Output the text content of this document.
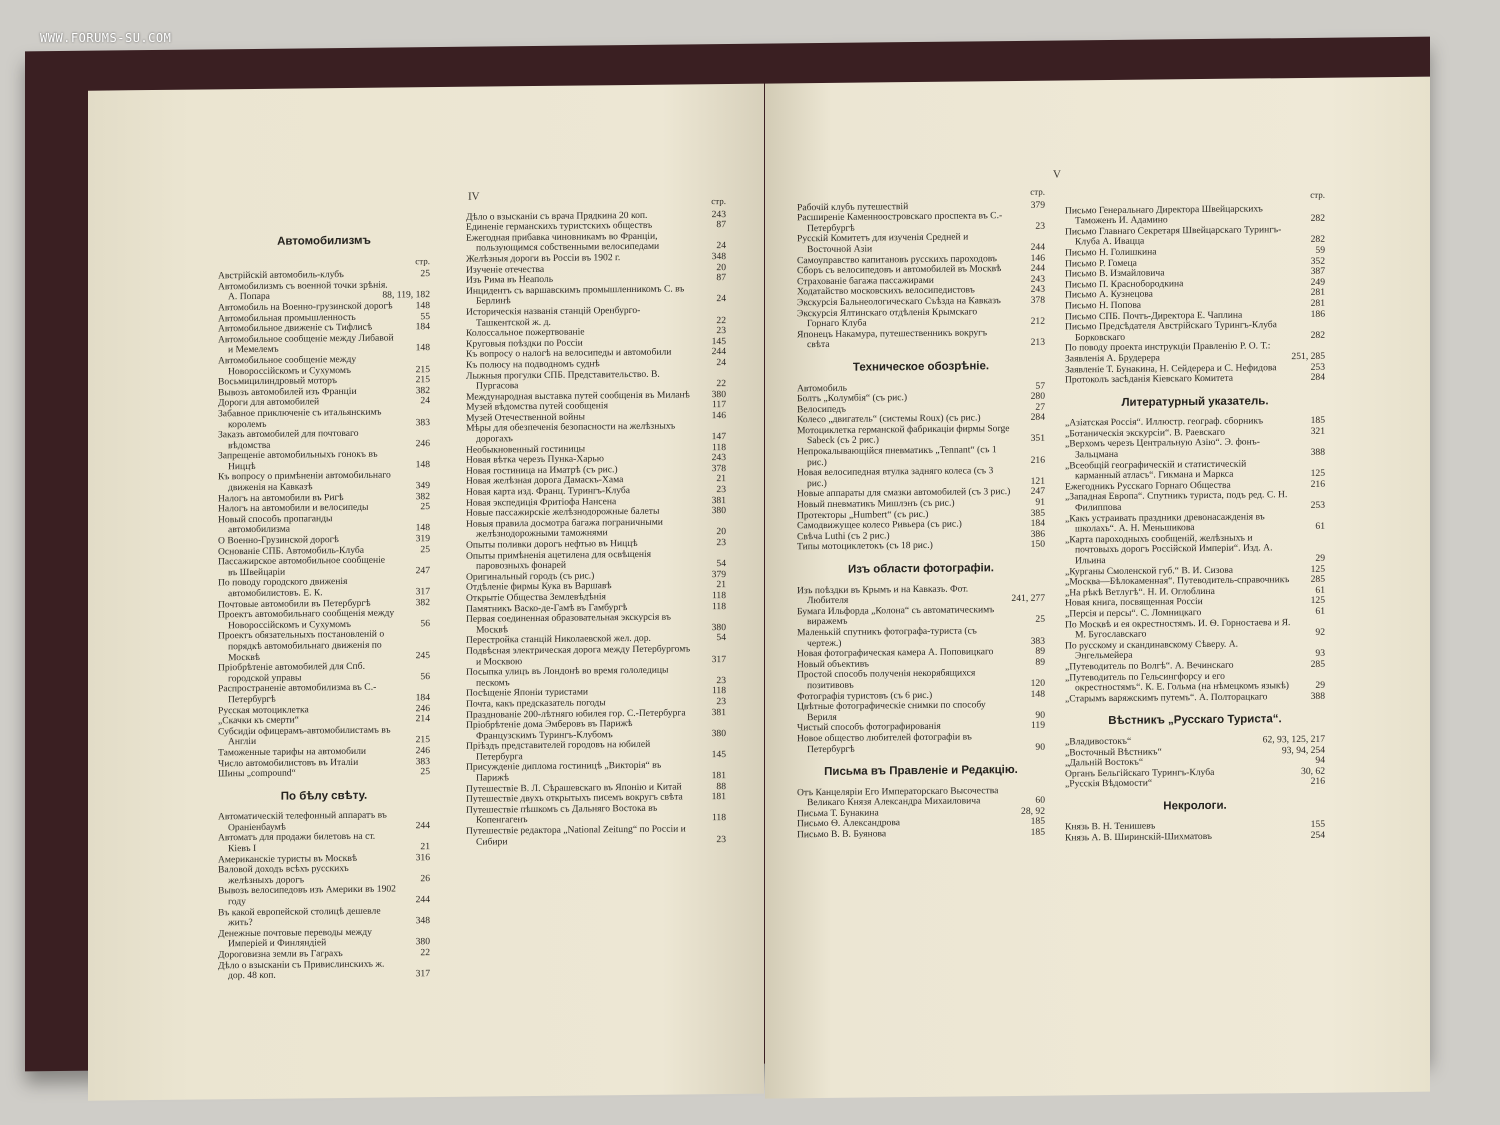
WWW.FORUMS-SU.COM
IV
Автомобилизмъ
стр.
Австрійскій автомобиль-клубъ	25
Автомобилизмъ съ военной точки зрѣнія. А. Попара	88, 119, 182
Автомобиль на Военно-грузинской дорогѣ	148
Автомобильная промышленность	55
Автомобильное движеніе съ Тифлисѣ	184
Автомобильное сообщеніе между Либавой и Мемелемъ	148
Автомобильное сообщеніе между Новороссійскомъ и Сухумомъ	215
Восьмицилиндровый моторъ	215
Вывозъ автомобилей изъ Франціи	382
Дороги для автомобилей	24
Забавное приключеніе съ итальянскимъ королемъ	383
Заказъ автомобилей для почтоваго вѣдомства	246
Запрещеніе автомобильныхъ гонокъ въ Ниццѣ	148
Къ вопросу о примѣненіи автомобильнаго движенія на Кавказѣ	349
Налогъ на автомобили въ Ригѣ	382
Налогъ на автомобили и велосипеды	25
Новый способъ пропаганды автомобилизма	148
О Военно-Грузинской дорогѣ	319
Основаніе СПБ. Автомобиль-Клуба	25
Пассажирское автомобильное сообщеніе въ Швейцаріи	247
По поводу городского движенія автомобилистовъ. Е. К.	317
Почтовые автомобили въ Петербургѣ	382
Проектъ автомобильнаго сообщенія между Новороссійскомъ и Сухумомъ	56
Проектъ обязательныхъ постановленій о порядкѣ автомобильнаго движенія по Москвѣ	245
Пріобрѣтеніе автомобилей для Спб. городской управы	56
Распространеніе автомобилизма въ С.-Петербургѣ	184
Русская мотоциклетка	246
„Скачки къ смерти“	214
Субсидіи офицерамъ-автомобилистамъ въ Англіи	215
Таможенные тарифы на автомобили	246
Число автомобилистовъ въ Италіи	383
Шины „compound“	25
По бѣлу свѣту.
Автоматическій телефонный аппаратъ въ Ораніенбаумѣ	244
Автоматъ для продажи билетовъ на ст. Кіевъ I	21
Американскіе туристы въ Москвѣ	316
Валовой доходъ всѣхъ русскихъ желѣзныхъ дорогъ	26
Вывозъ велосипедовъ изъ Америки въ 1902 году	244
Въ какой европейской столицѣ дешевле жить?	348
Денежные почтовые переводы между Имперіей и Финляндіей	380
Дороговизна земли въ Гаграхъ	22
Дѣло о взысканіи съ Привислинскихъ ж. дор. 48 коп.	317
стр.
Дѣло о взысканіи съ врача Прядкина 20 коп.	243
Единеніе германскихъ туристскихъ обществъ	87
Ежегодная прибавка чиновникамъ во Франціи, пользующимся собственными велосипедами	24
Желѣзныя дороги въ Россіи въ 1902 г.	348
Изученіе отечества	20
Изъ Рима въ Неаполь	87
Инцидентъ съ варшавскимъ промышленникомъ С. въ Берлинѣ	24
Историческія названія станцій Оренбурго-Ташкентской ж. д.	22
Колоссальное пожертвованіе	23
Круговыя поѣздки по Россіи	145
Къ вопросу о налогѣ на велосипеды и автомобили	244
Къ полюсу на подводномъ суднѣ	24
Лыжныя прогулки СПБ. Представительство. В. Пургасова	22
Международная выставка путей сообщенія въ Миланѣ	380
Музей вѣдомства путей сообщенія	117
Музей Отечественной войны	146
Мѣры для обезпеченія безопасности на желѣзныхъ дорогахъ	147
Необыкновенный гостиницы	118
Новая вѣтка черезъ Пунка-Харью	243
Новая гостиница на Иматрѣ (съ рис.)	378
Новая желѣзная дорога Дамаскъ-Хама	21
Новая карта изд. Франц. Турингъ-Клуба	23
Новая экспедиція Фритіофа Нансена	381
Новые пассажирскіе желѣзнодорожные балеты	380
Новыя правила досмотра багажа пограничными желѣзнодорожными таможнями	20
Опыты поливки дорогъ нефтью въ Ниццѣ	23
Опыты примѣненія ацетилена для освѣщенія паровозныхъ фонарей	54
Оригинальный городъ (съ рис.)	379
Отдѣленіе фирмы Кука въ Варшавѣ	21
Открытіе Общества Землевѣдѣнія	118
Памятникъ Васко-де-Гамѣ въ Гамбургѣ	118
Первая соединенная образовательная экскурсія въ Москвѣ	380
Перестройка станцій Николаевской жел. дор.	54
Подвѣсная электрическая дорога между Петербургомъ и Москвою	317
Посыпка улицъ въ Лондонѣ во время гололедицы пескомъ	23
Посѣщеніе Японіи туристами	118
Почта, какъ предсказатель погоды	23
Празднованіе 200-лѣтняго юбилея гор. С.-Петербурга	381
Пріобрѣтеніе дома Эмберовъ въ Парижѣ Французскимъ Турингъ-Клубомъ	380
Пріѣздъ представителей городовъ на юбилей Петербурга	145
Присужденіе диплома гостиницѣ „Викторія“ въ Парижѣ	181
Путешествіе В. Л. Сѣрашевскаго въ Японію и Китай	88
Путешествіе двухъ открытыхъ писемъ вокругъ свѣта	181
Путешествіе пѣшкомъ съ Дальняго Востока въ Копенгагенъ	118
Путешествіе редактора „National Zeitung“ по Россіи и Сибири	23
V
стр.
Рабочій клубъ путешествій	379
Расширеніе Каменноостровскаго проспекта въ С.-Петербургѣ	23
Русскій Комитетъ для изученія Средней и Восточной Азіи	244
Самоуправство капитановъ русскихъ пароходовъ	146
Сборъ съ велосипедовъ и автомобилей въ Москвѣ	244
Страхованіе багажа пассажирами	243
Ходатайство московскихъ велосипедистовъ	243
Экскурсія Бальнеологическаго Съѣзда на Кавказъ	378
Экскурсія Ялтинскаго отдѣленія Крымскаго Горнаго Клуба	212
Японецъ Накамура, путешественникъ вокругъ свѣта	213
Техническое обозрѣніе.
Автомобиль	57
Болтъ „Колумбія“ (съ рис.)	280
Велосипедъ	27
Колесо „двигатель“ (системы Roux) (съ рис.)	284
Мотоциклетка германской фабрикаціи фирмы Sorge Sabeck (съ 2 рис.)	351
Непрокалывающійся пневматикъ „Tennant“ (съ 1 рис.)	216
Новая велосипедная втулка задняго колеса (съ 3 рис.)	121
Новые аппараты для смазки автомобилей (съ 3 рис.)	247
Новый пневматикъ Мишлэнъ (съ рис.)	91
Протекторы „Humbert“ (съ рис.)	385
Самодвижущее колесо Ривьера (съ рис.)	184
Свѣча Luthi (съ 2 рис.)	386
Типы мотоциклетокъ (съ 18 рис.)	150
Изъ области фотографіи.
Изъ поѣздки въ Крымъ и на Кавказъ. Фот. Любителя	241, 277
Бумага Ильфорда „Колона“ съ автоматическимъ виражемъ	25
Маленькій спутникъ фотографа-туриста (съ чертеж.)	383
Новая фотографическая камера А. Поповицкаго	89
Новый объективъ	89
Простой способъ полученія некорябящихся позитивовъ	120
Фотографія туристовъ (съ 6 рис.)	148
Цвѣтные фотографическіе снимки по способу Вериля	90
Чистый способъ фотографированія	119
Новое общество любителей фотографіи въ Петербургѣ	90
Письма въ Правленіе и Редакцію.
Отъ Канцеляріи Его Императорскаго Высочества Великаго Князя Александра Михаиловича	60
Письма Т. Бунакина	28, 92
Письмо Ѳ. Александрова	185
Письмо В. В. Буянова	185
стр.
Письмо Генеральнаго Директора Швейцарскихъ Таможенъ И. Адамино	282
Письмо Главнаго Секретаря Швейцарскаго Турингъ-Клуба А. Ивацца	282
Письмо Н. Голишкина	59
Письмо Р. Гомеца	352
Письмо В. Измайловича	387
Письмо П. Краснобородкина	249
Письмо А. Кузнецова	281
Письмо Н. Попова	281
Письмо СПБ. Почтъ-Директора Е. Чаплина	186
Письмо Предсѣдателя Австрійскаго Турингъ-Клуба Борковскаго	282
По поводу проекта инструкціи Правленію Р. О. Т.:
Заявленія А. Брудерера	251, 285
Заявленіе Т. Бунакина, Н. Сейдерера и С. Нефидова	253
Протоколъ засѣданія Кіевскаго Комитета	284
Литературный указатель.
„Азіатская Россія“. Иллюстр. географ. сборникъ	185
„Ботаническія экскурсіи“. В. Раевскаго	321
„Верхомъ черезъ Центральную Азію“. Э. фонъ-Зальцмана	388
„Всеобщій географическій и статистическій карманный атласъ“. Гикмана и Маркса	125
Ежегодникъ Русскаго Горнаго Общества	216
„Западная Европа“. Спутникъ туриста, подъ ред. С. Н. Филиппова	253
„Какъ устраивать праздники древонасажденія въ школахъ“. А. Н. Меньшикова	61
„Карта пароходныхъ сообщеній, желѣзныхъ и почтовыхъ дорогъ Россійской Имперіи“. Изд. А. Ильина	29
„Курганы Смоленской губ.“ В. И. Сизова	125
„Москва—Бѣлокаменная“. Путеводитель-справочникъ	285
„На рѣкѣ Ветлугѣ“. Н. И. Оглоблина	61
Новая книга, посвященная Россіи	125
„Персія и персы“. С. Ломницкаго	61
По Москвѣ и ея окрестностямъ. И. Ѳ. Горностаева и Я. М. Бугославскаго	92
По русскому и скандинавскому Сѣверу. А. Энгельмейера	93
„Путеводитель по Волгѣ“. А. Вечинскаго	285
„Путеводитель по Гельсингфорсу и его окрестностямъ“. К. Е. Гольма (на нѣмецкомъ языкѣ)	29
„Старымъ варяжскимъ путемъ“. А. Полторацкаго	388
Вѣстникъ „Русскаго Туриста“.
„Владивостокъ“	62, 93, 125, 217
„Восточный Вѣстникъ“	93, 94, 254
„Дальній Востокъ“	94
Органъ Бельгійскаго Турингъ-Клуба	30, 62
„Русскія Вѣдомости“	216
Некрологи.
Князь В. Н. Тенишевъ	155
Князь А. В. Ширинскій-Шихматовъ	254
